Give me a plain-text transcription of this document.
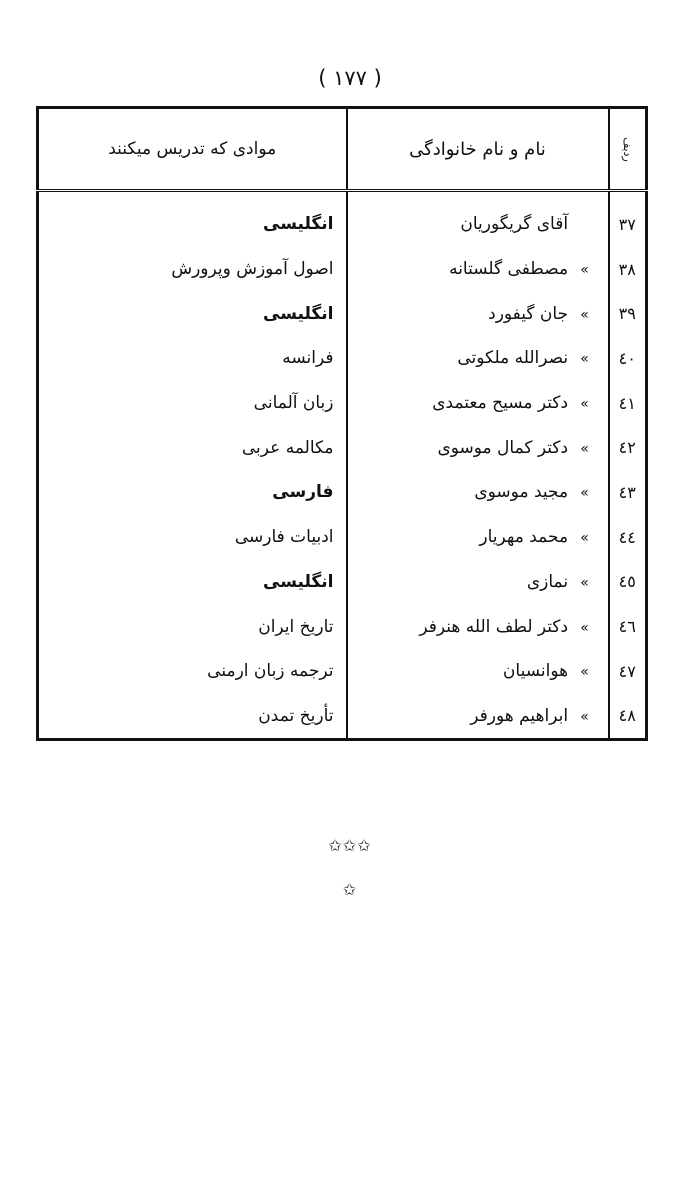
( ١٧٧ )
ردیف	نام و نام خانوادگی	موادی که تدریس میکنند
٣٧	آقای گریگوریان	انگلیسی
٣٨	» مصطفی گلستانه	اصول آموزش وپرورش
٣٩	» جان گیفورد	انگلیسی
٤٠	» نصرالله ملکوتی	فرانسه
٤١	» دکتر مسیح معتمدی	زبان آلمانی
٤٢	» دکتر کمال موسوی	مکالمه عربی
٤٣	» مجید موسوی	فارسی
٤٤	» محمد مهریار	ادبیات فارسی
٤٥	» نمازی	انگلیسی
٤٦	» دکتر لطف الله هنرفر	تاریخ ایران
٤٧	» هوانسیان	ترجمه زبان ارمنی
٤٨	» ابراهیم هورفر	تأریخ تمدن
✩✩✩
✩
